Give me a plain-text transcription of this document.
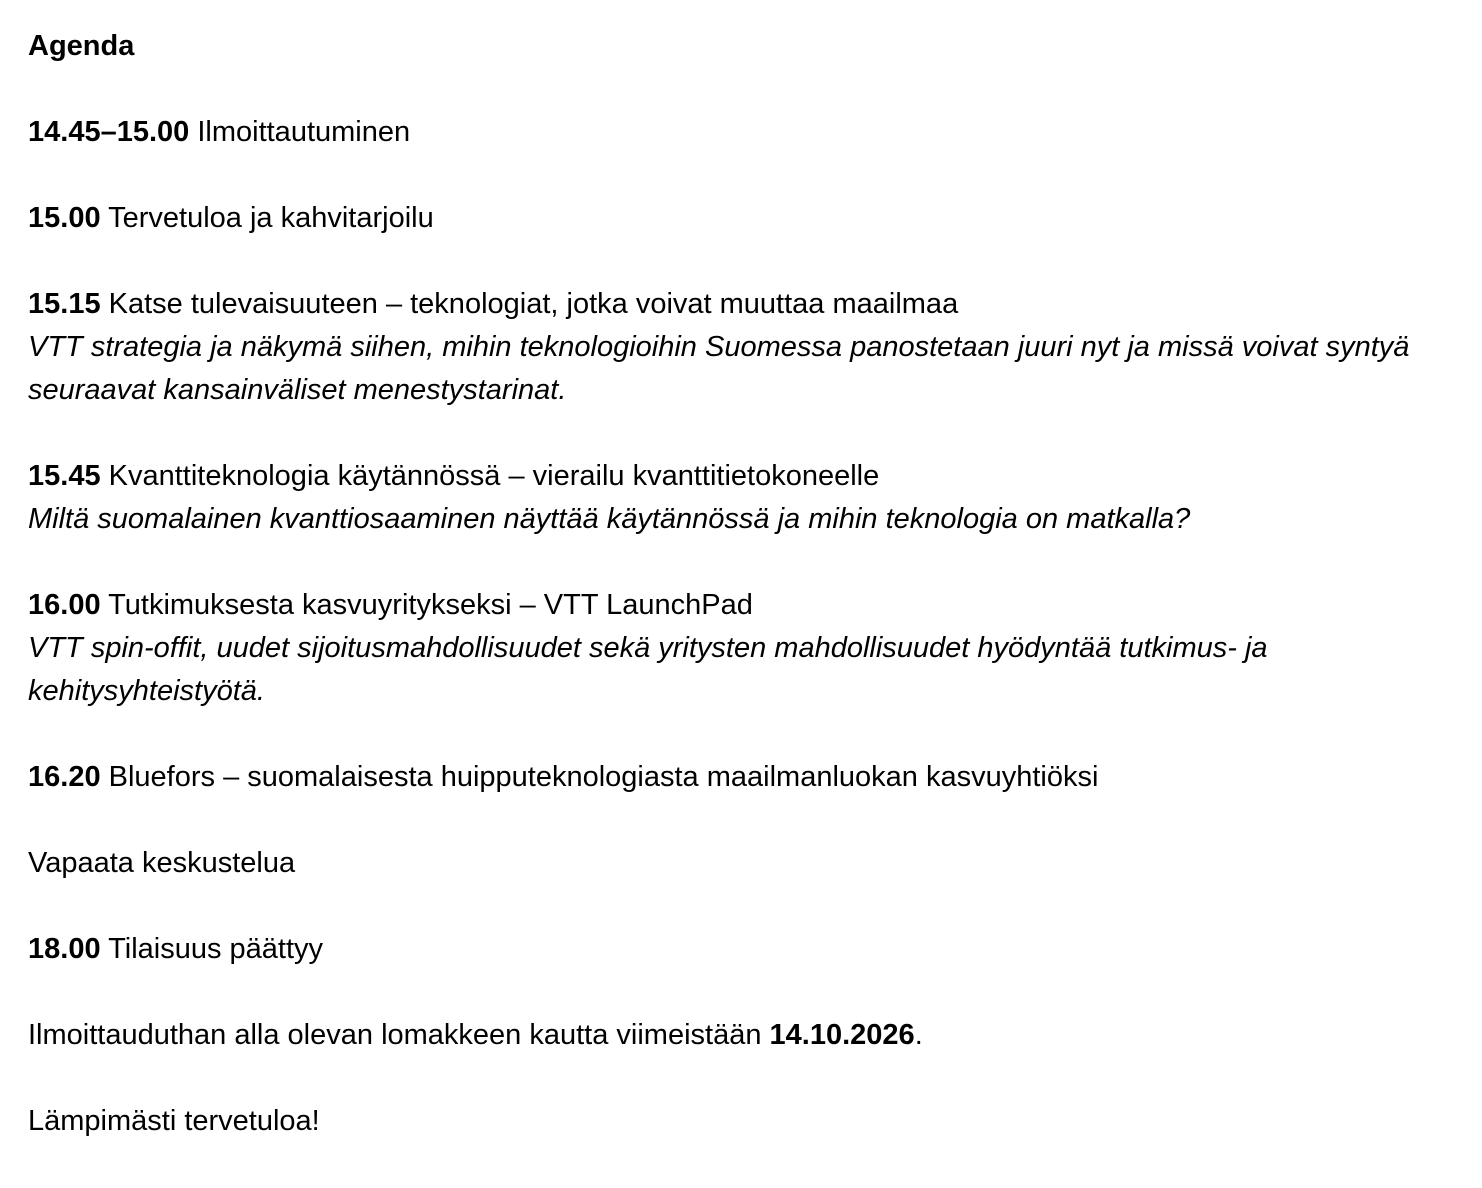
Agenda
14.45–15.00 Ilmoittautuminen
15.00 Tervetuloa ja kahvitarjoilu
15.15 Katse tulevaisuuteen – teknologiat, jotka voivat muuttaa maailmaa
VTT strategia ja näkymä siihen, mihin teknologioihin Suomessa panostetaan juuri nyt ja missä voivat syntyä seuraavat kansainväliset menestystarinat.
15.45 Kvanttiteknologia käytännössä – vierailu kvanttitietokoneelle
Miltä suomalainen kvanttiosaaminen näyttää käytännössä ja mihin teknologia on matkalla?
16.00 Tutkimuksesta kasvuyritykseksi – VTT LaunchPad
VTT spin-offit, uudet sijoitusmahdollisuudet sekä yritysten mahdollisuudet hyödyntää tutkimus- ja kehitysyhteistyötä.
16.20 Bluefors – suomalaisesta huipputeknologiasta maailmanluokan kasvuyhtiöksi
Vapaata keskustelua
18.00 Tilaisuus päättyy
Ilmoittauduthan alla olevan lomakkeen kautta viimeistään 14.10.2026.
Lämpimästi tervetuloa!
